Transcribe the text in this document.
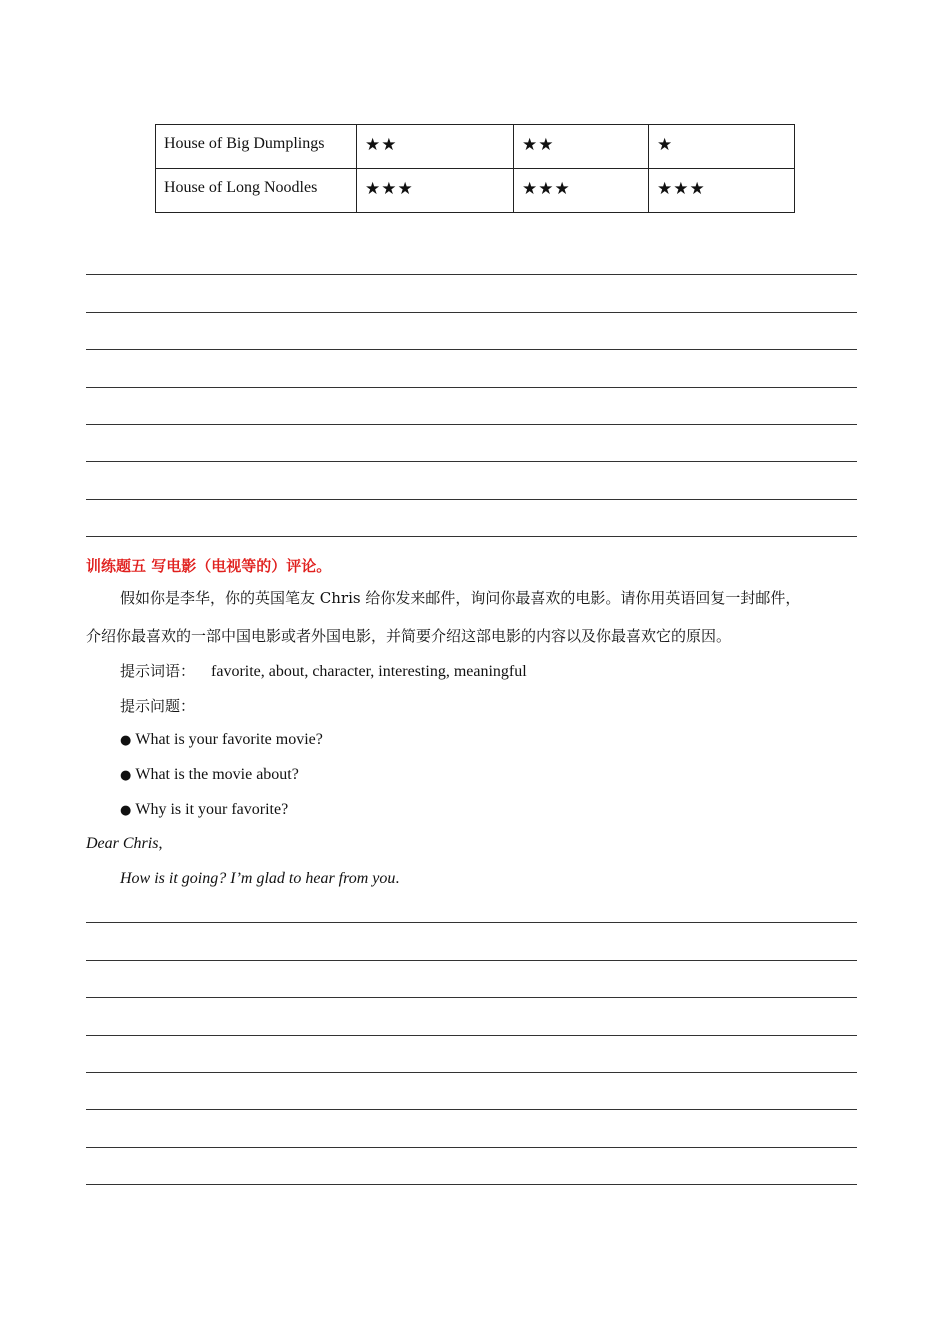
House of Big Dumplings	★★	★★	★
House of Long Noodles	★★★	★★★	★★★
训练题五 写电影（电视等的）评论。
假如你是李华，你的英国笔友 Chris 给你发来邮件，询问你最喜欢的电影。请你用英语回复一封邮件，
介绍你最喜欢的一部中国电影或者外国电影，并简要介绍这部电影的内容以及你最喜欢它的原因。
提示词语： favorite, about, character, interesting, meaningful
提示问题：
● What is your favorite movie?
● What is the movie about?
● Why is it your favorite?
Dear Chris,
How is it going? I’m glad to hear from you.
